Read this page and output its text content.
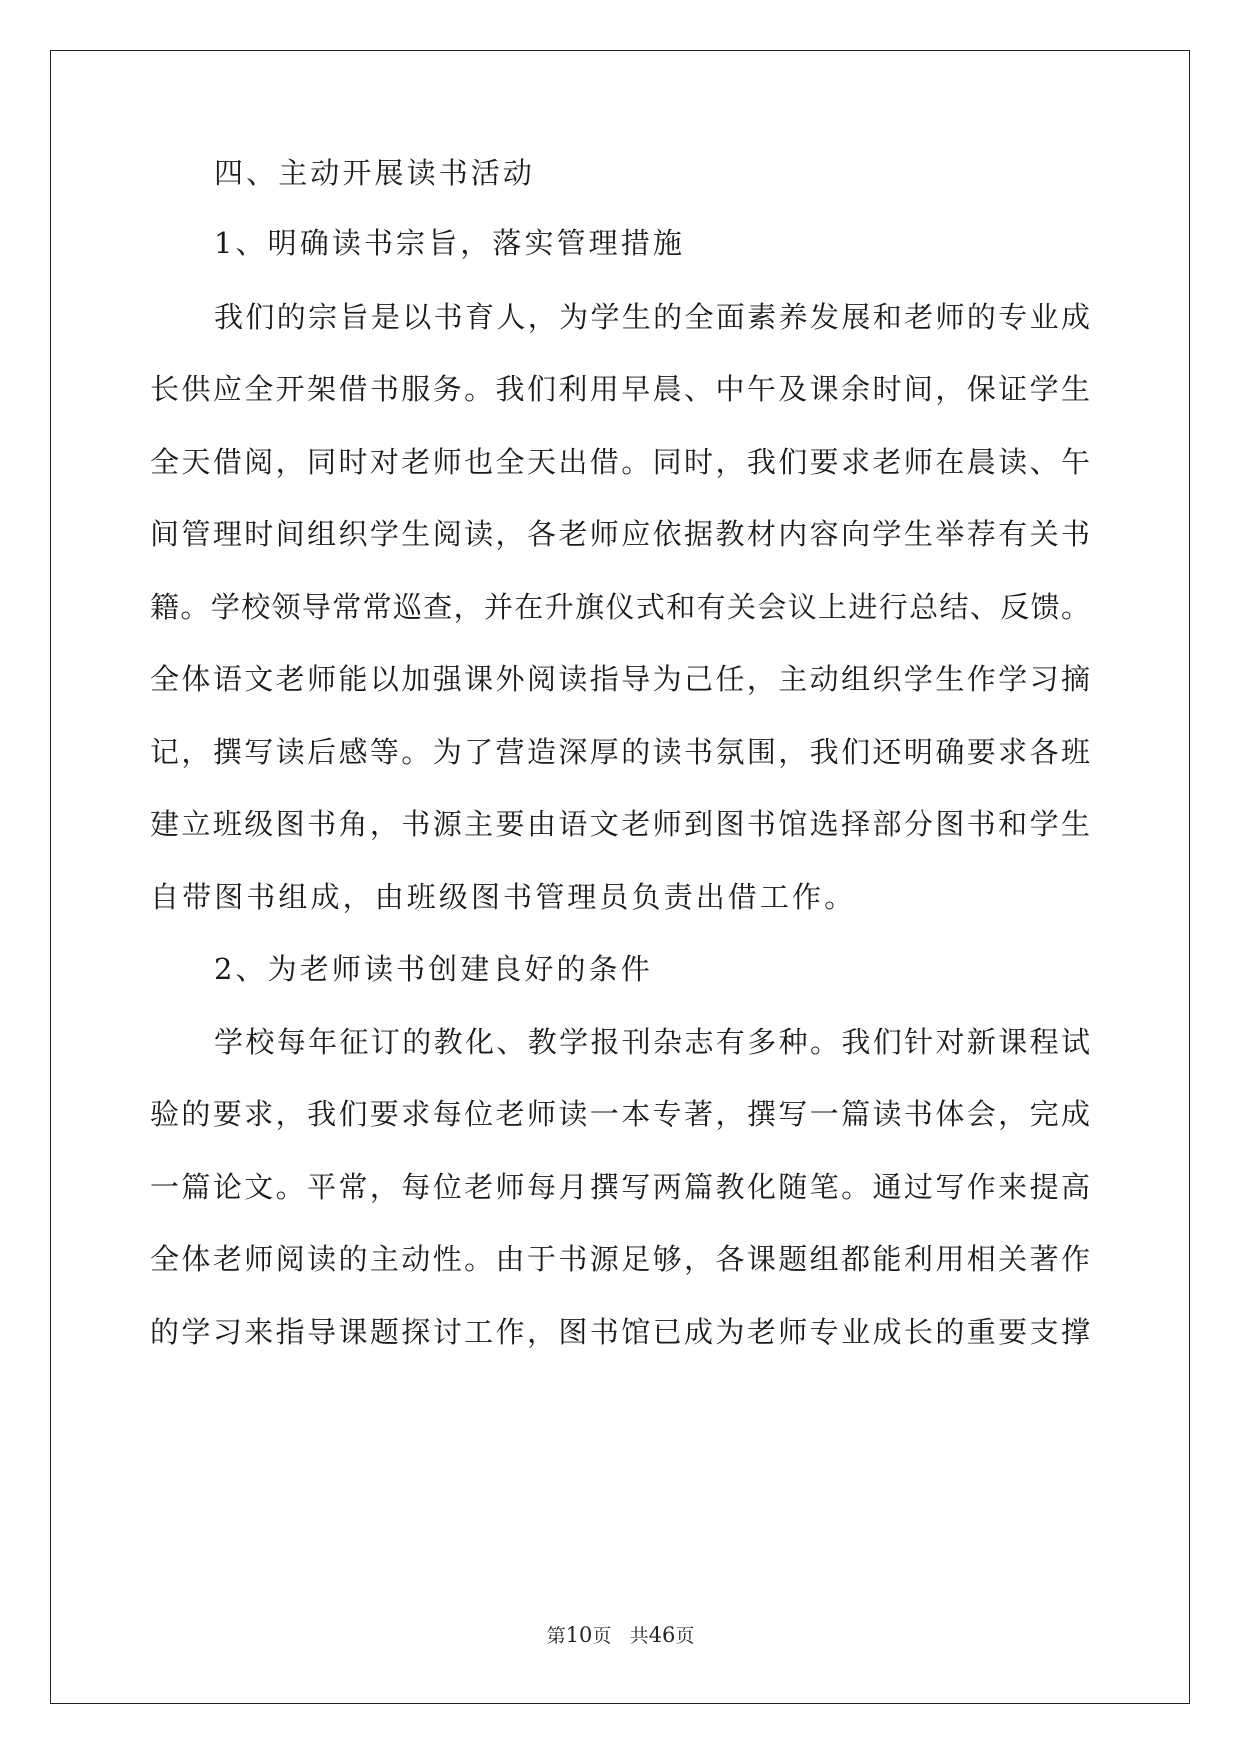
四、主动开展读书活动
1、明确读书宗旨，落实管理措施
我们的宗旨是以书育人，为学生的全面素养发展和老师的专业成
长供应全开架借书服务。我们利用早晨、中午及课余时间，保证学生
全天借阅，同时对老师也全天出借。同时，我们要求老师在晨读、午
间管理时间组织学生阅读，各老师应依据教材内容向学生举荐有关书
籍。学校领导常常巡查，并在升旗仪式和有关会议上进行总结、反馈。
全体语文老师能以加强课外阅读指导为己任，主动组织学生作学习摘
记，撰写读后感等。为了营造深厚的读书氛围，我们还明确要求各班
建立班级图书角，书源主要由语文老师到图书馆选择部分图书和学生
自带图书组成，由班级图书管理员负责出借工作。
2、为老师读书创建良好的条件
学校每年征订的教化、教学报刊杂志有多种。我们针对新课程试
验的要求，我们要求每位老师读一本专著，撰写一篇读书体会，完成
一篇论文。平常，每位老师每月撰写两篇教化随笔。通过写作来提高
全体老师阅读的主动性。由于书源足够，各课题组都能利用相关著作
的学习来指导课题探讨工作，图书馆已成为老师专业成长的重要支撑
第10页 共46页
